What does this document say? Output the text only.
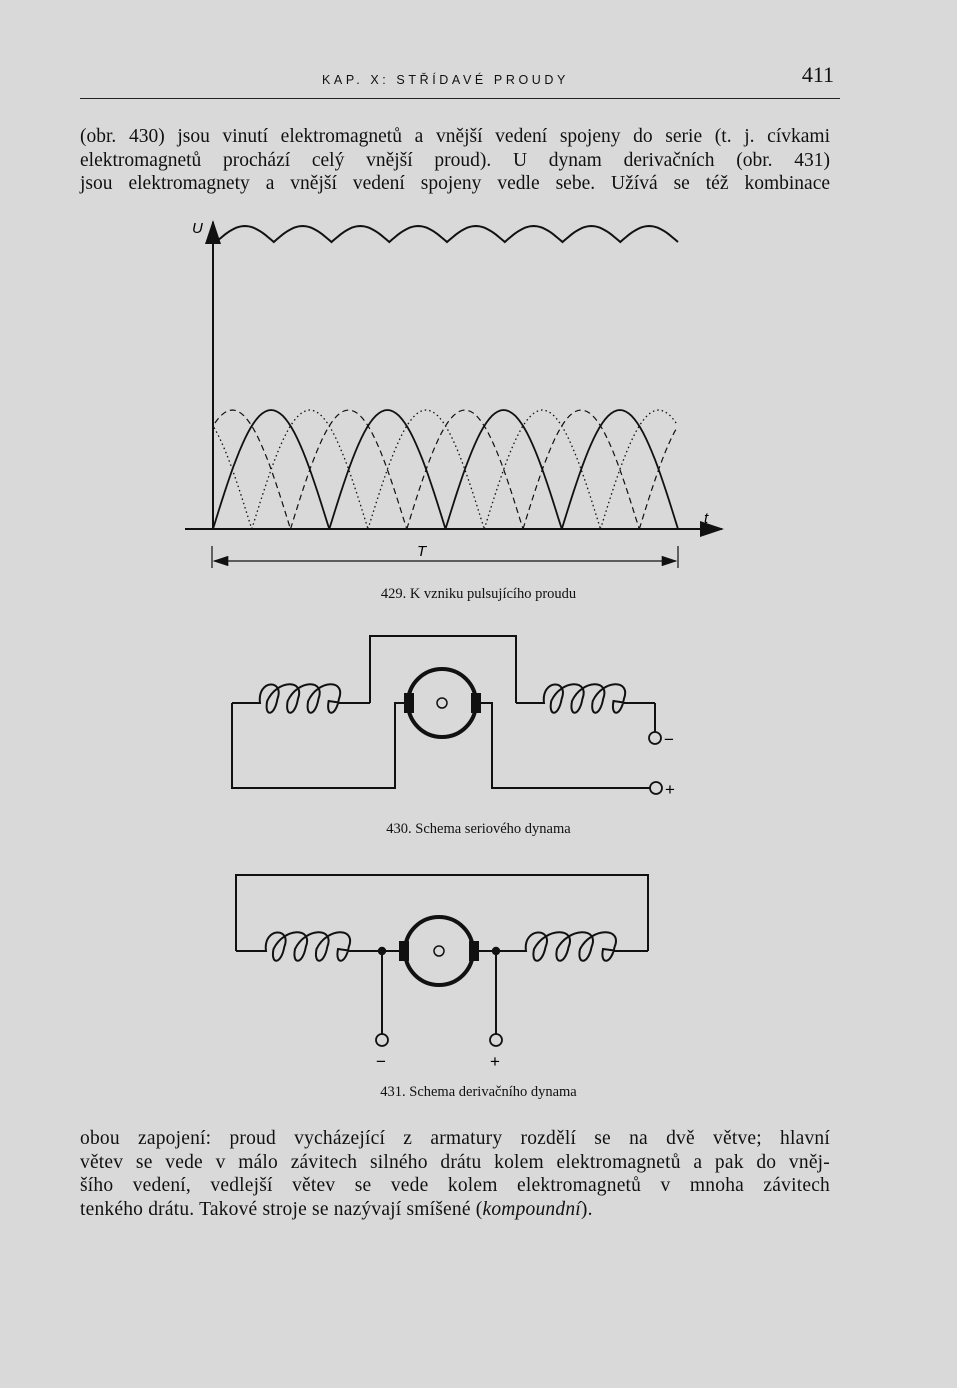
KAP. X: STŘÍDAVÉ PROUDY	411

(obr. 430) jsou vinutí elektromagnetů a vnější vedení spojeny do serie (t. j. cívkami
elektromagnetů prochází celý vnější proud). U dynam derivačních (obr. 431)
jsou elektromagnety a vnější vedení spojeny vedle sebe. Užívá se též kombinace

U
t
T
−
+
−	+
429. K vzniku pulsujícího proudu
430. Schema seriového dynama
431. Schema derivačního dynama

obou zapojení: proud vycházející z armatury rozdělí se na dvě větve; hlavní
větev se vede v málo závitech silného drátu kolem elektromagnetů a pak do vněj-
šího vedení, vedlejší větev se vede kolem elektromagnetů v mnoha závitech
tenkého drátu. Takové stroje se nazývají smíšené (kompoundní).
